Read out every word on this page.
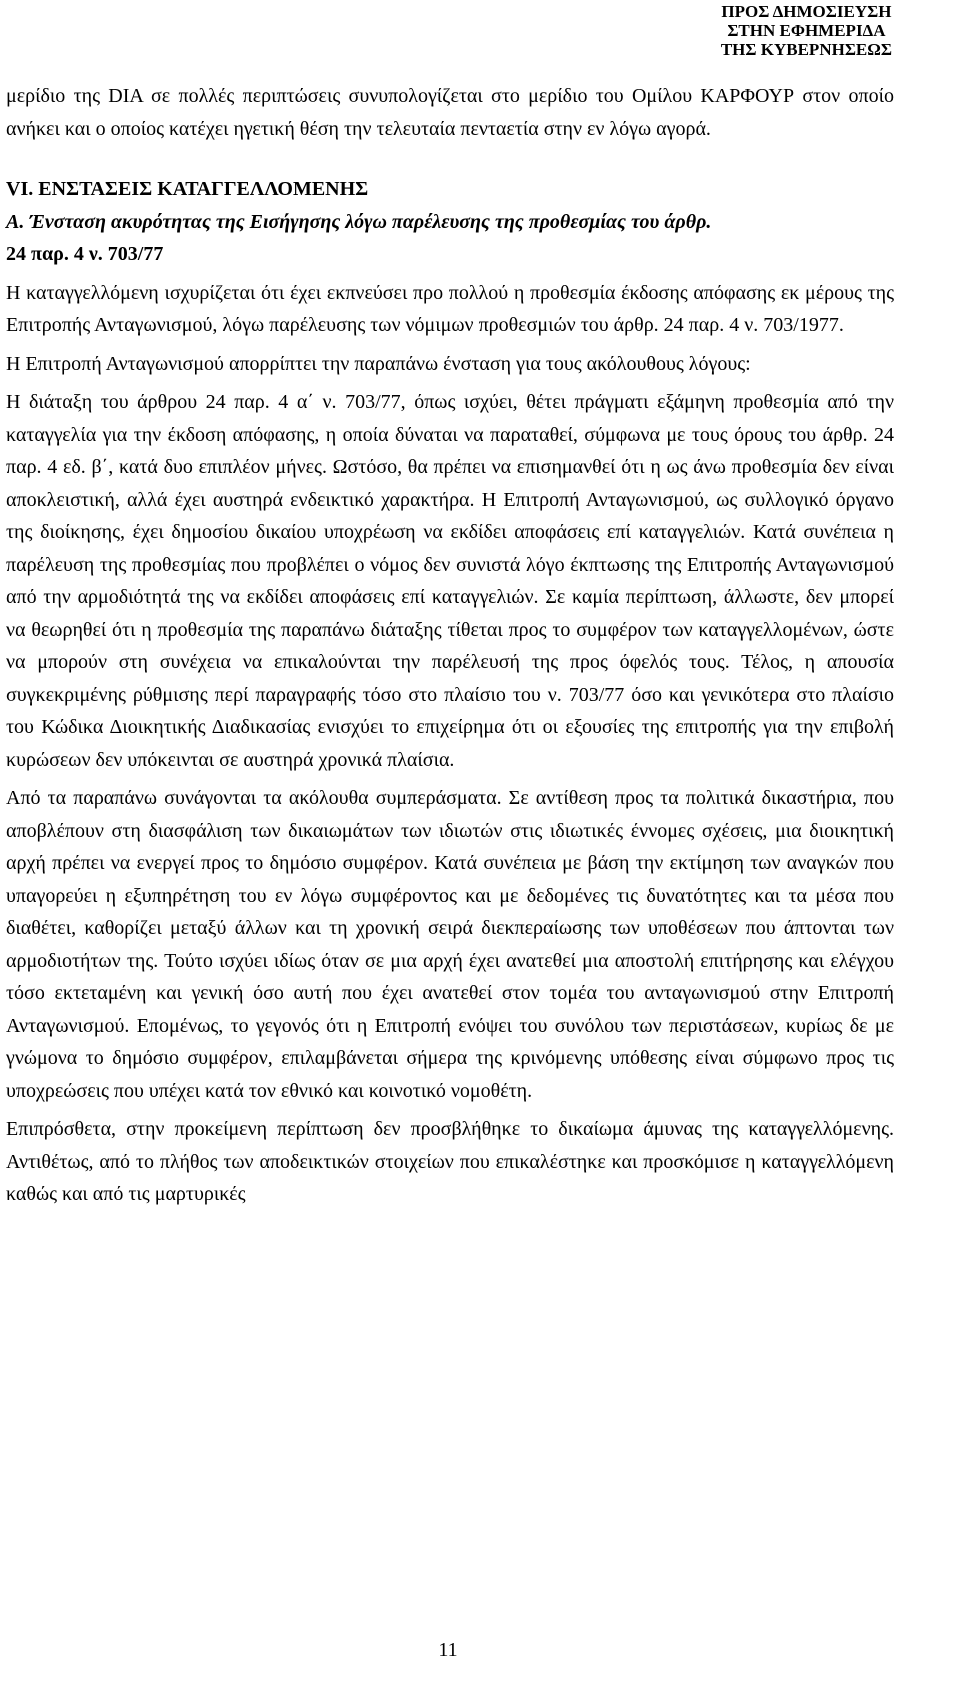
ΠΡΟΣ ΔΗΜΟΣΙΕΥΣΗ
ΣΤΗΝ ΕΦΗΜΕΡΙΔΑ
ΤΗΣ ΚΥΒΕΡΝΗΣΕΩΣ

μερίδιο της DIA σε πολλές περιπτώσεις συνυπολογίζεται στο μερίδιο του Ομίλου ΚΑΡΦΟΥΡ στον οποίο ανήκει και ο οποίος κατέχει ηγετική θέση την τελευταία πενταετία στην εν λόγω αγορά.

VI. ΕΝΣΤΑΣΕΙΣ ΚΑΤΑΓΓΕΛΛΟΜΕΝΗΣ

Α. Ένσταση ακυρότητας της Εισήγησης λόγω παρέλευσης της προθεσμίας του άρθρ.
24 παρ. 4 ν. 703/77

Η καταγγελλόμενη ισχυρίζεται ότι έχει εκπνεύσει προ πολλού η προθεσμία έκδοσης απόφασης εκ μέρους της Επιτροπής Ανταγωνισμού, λόγω παρέλευσης των νόμιμων προθεσμιών του άρθρ. 24 παρ. 4 ν. 703/1977.

Η Επιτροπή Ανταγωνισμού απορρίπτει την παραπάνω ένσταση για τους ακόλουθους λόγους:

Η διάταξη του άρθρου 24 παρ. 4 α΄ ν. 703/77, όπως ισχύει, θέτει πράγματι εξάμηνη προθεσμία από την καταγγελία για την έκδοση απόφασης, η οποία δύναται να παραταθεί, σύμφωνα με τους όρους του άρθρ. 24 παρ. 4 εδ. β΄, κατά δυο επιπλέον μήνες. Ωστόσο, θα πρέπει να επισημανθεί ότι η ως άνω προθεσμία δεν είναι αποκλειστική, αλλά έχει αυστηρά ενδεικτικό χαρακτήρα. Η Επιτροπή Ανταγωνισμού, ως συλλογικό όργανο της διοίκησης, έχει δημοσίου δικαίου υποχρέωση να εκδίδει αποφάσεις επί καταγγελιών. Κατά συνέπεια η παρέλευση της προθεσμίας που προβλέπει ο νόμος δεν συνιστά λόγο έκπτωσης της Επιτροπής Ανταγωνισμού από την αρμοδιότητά της να εκδίδει αποφάσεις επί καταγγελιών. Σε καμία περίπτωση, άλλωστε, δεν μπορεί να θεωρηθεί ότι η προθεσμία της παραπάνω διάταξης τίθεται προς το συμφέρον των καταγγελλομένων, ώστε να μπορούν στη συνέχεια να επικαλούνται την παρέλευσή της προς όφελός τους. Τέλος, η απουσία συγκεκριμένης ρύθμισης περί παραγραφής τόσο στο πλαίσιο του ν. 703/77 όσο και γενικότερα στο πλαίσιο του Κώδικα Διοικητικής Διαδικασίας ενισχύει το επιχείρημα ότι οι εξουσίες της επιτροπής για την επιβολή κυρώσεων δεν υπόκεινται σε αυστηρά χρονικά πλαίσια.

Από τα παραπάνω συνάγονται τα ακόλουθα συμπεράσματα. Σε αντίθεση προς τα πολιτικά δικαστήρια, που αποβλέπουν στη διασφάλιση των δικαιωμάτων των ιδιωτών στις ιδιωτικές έννομες σχέσεις, μια διοικητική αρχή πρέπει να ενεργεί προς το δημόσιο συμφέρον. Κατά συνέπεια με βάση την εκτίμηση των αναγκών που υπαγορεύει η εξυπηρέτηση του εν λόγω συμφέροντος και με δεδομένες τις δυνατότητες και τα μέσα που διαθέτει, καθορίζει μεταξύ άλλων και τη χρονική σειρά διεκπεραίωσης των υποθέσεων που άπτονται των αρμοδιοτήτων της. Τούτο ισχύει ιδίως όταν σε μια αρχή έχει ανατεθεί μια αποστολή επιτήρησης και ελέγχου τόσο εκτεταμένη και γενική όσο αυτή που έχει ανατεθεί στον τομέα του ανταγωνισμού στην Επιτροπή Ανταγωνισμού. Επομένως, το γεγονός ότι η Επιτροπή ενόψει του συνόλου των περιστάσεων, κυρίως δε με γνώμονα το δημόσιο συμφέρον, επιλαμβάνεται σήμερα της κρινόμενης υπόθεσης είναι σύμφωνο προς τις υποχρεώσεις που υπέχει κατά τον εθνικό και κοινοτικό νομοθέτη.

Επιπρόσθετα, στην προκείμενη περίπτωση δεν προσβλήθηκε το δικαίωμα άμυνας της καταγγελλόμενης. Αντιθέτως, από το πλήθος των αποδεικτικών στοιχείων που επικαλέστηκε και προσκόμισε η καταγγελλόμενη καθώς και από τις μαρτυρικές

11
